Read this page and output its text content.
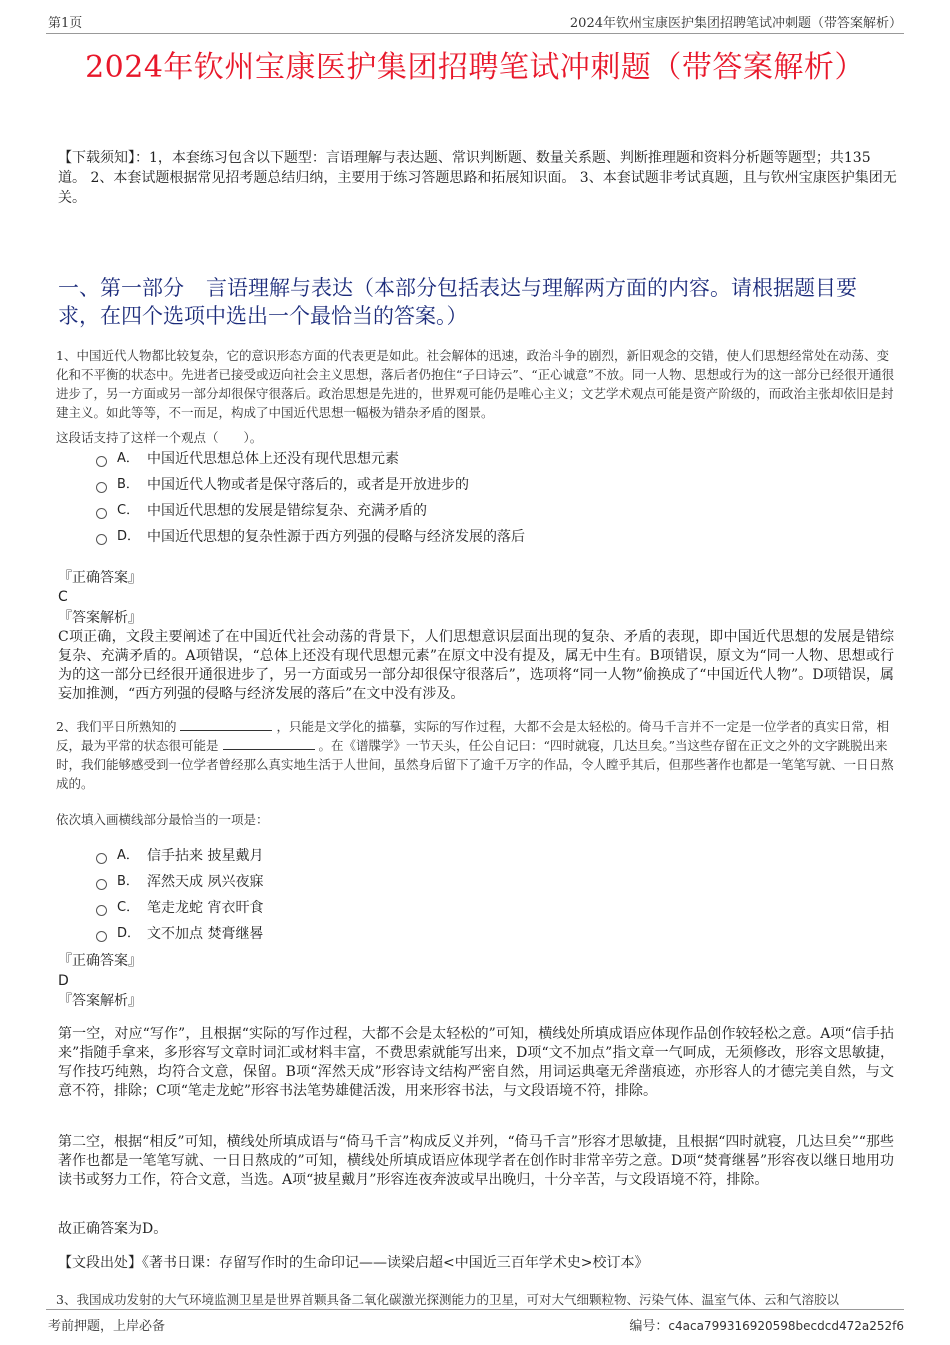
第1页	2024年钦州宝康医护集团招聘笔试冲刺题（带答案解析）
2024年钦州宝康医护集团招聘笔试冲刺题（带答案解析）
【下载须知】：1，本套练习包含以下题型：言语理解与表达题、常识判断题、数量关系题、判断推理题和资料分析题等题型；共135道。 2、本套试题根据常见招考题总结归纳，主要用于练习答题思路和拓展知识面。 3、本套试题非考试真题，且与钦州宝康医护集团无关。
一、第一部分 言语理解与表达（本部分包括表达与理解两方面的内容。请根据题目要求，在四个选项中选出一个最恰当的答案。）
1、中国近代人物都比较复杂，它的意识形态方面的代表更是如此。社会解体的迅速，政治斗争的剧烈，新旧观念的交错，使人们思想经常处在动荡、变化和不平衡的状态中。先进者已接受或迈向社会主义思想，落后者仍抱住“子曰诗云”、“正心诚意”不放。同一人物、思想或行为的这一部分已经很开通很进步了，另一方面或另一部分却很保守很落后。政治思想是先进的，世界观可能仍是唯心主义；文艺学术观点可能是资产阶级的，而政治主张却依旧是封建主义。如此等等，不一而足，构成了中国近代思想一幅极为错杂矛盾的图景。
这段话支持了这样一个观点（　　）。
A． 中国近代思想总体上还没有现代思想元素
B． 中国近代人物或者是保守落后的，或者是开放进步的
C． 中国近代思想的发展是错综复杂、充满矛盾的
D． 中国近代思想的复杂性源于西方列强的侵略与经济发展的落后
『正确答案』
C
『答案解析』
C项正确，文段主要阐述了在中国近代社会动荡的背景下，人们思想意识层面出现的复杂、矛盾的表现，即中国近代思想的发展是错综复杂、充满矛盾的。A项错误，“总体上还没有现代思想元素”在原文中没有提及，属无中生有。B项错误，原文为“同一人物、思想或行为的这一部分已经很开通很进步了，另一方面或另一部分却很保守很落后”，选项将“同一人物”偷换成了“中国近代人物”。D项错误，属妄加推测，“西方列强的侵略与经济发展的落后”在文中没有涉及。
2、我们平日所熟知的	，只能是文学化的描摹，实际的写作过程，大都不会是太轻松的。倚马千言并不一定是一位学者的真实日常，相反，最为平常的状态很可能是	。在《谱牒学》一节天头，任公自记曰：“四时就寝，几达旦矣。”当这些存留在正文之外的文字跳脱出来时，我们能够感受到一位学者曾经那么真实地生活于人世间，虽然身后留下了逾千万字的作品，令人瞠乎其后，但那些著作也都是一笔笔写就、一日日熬成的。
依次填入画横线部分最恰当的一项是：
A． 信手拈来 披星戴月
B． 浑然天成 夙兴夜寐
C． 笔走龙蛇 宵衣旰食
D． 文不加点 焚膏继晷
『正确答案』
D
『答案解析』
第一空，对应“写作”，且根据“实际的写作过程，大都不会是太轻松的”可知，横线处所填成语应体现作品创作较轻松之意。A项“信手拈来”指随手拿来，多形容写文章时词汇或材料丰富，不费思索就能写出来，D项“文不加点”指文章一气呵成，无须修改，形容文思敏捷，写作技巧纯熟，均符合文意，保留。B项“浑然天成”形容诗文结构严密自然，用词运典毫无斧凿痕迹，亦形容人的才德完美自然，与文意不符，排除；C项“笔走龙蛇”形容书法笔势雄健活泼，用来形容书法，与文段语境不符，排除。
第二空，根据“相反”可知，横线处所填成语与“倚马千言”构成反义并列，“倚马千言”形容才思敏捷，且根据“四时就寝，几达旦矣”“那些著作也都是一笔笔写就、一日日熬成的”可知，横线处所填成语应体现学者在创作时非常辛劳之意。D项“焚膏继晷”形容夜以继日地用功读书或努力工作，符合文意，当选。A项“披星戴月”形容连夜奔波或早出晚归，十分辛苦，与文段语境不符，排除。
故正确答案为D。
【文段出处】《著书日课：存留写作时的生命印记——读梁启超<中国近三百年学术史>校订本》
3、我国成功发射的大气环境监测卫星是世界首颗具备二氧化碳激光探测能力的卫星，可对大气细颗粒物、污染气体、温室气体、云和气溶胶以
考前押题，上岸必备	编号：c4aca799316920598becdcd472a252f6
